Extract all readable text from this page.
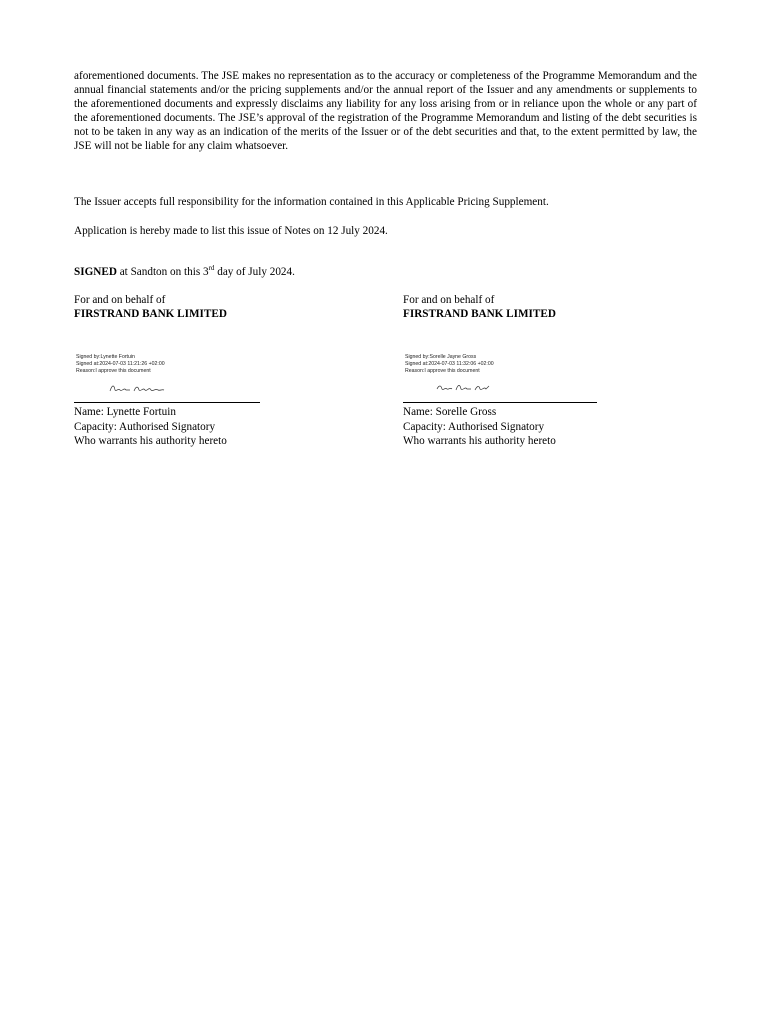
aforementioned documents. The JSE makes no representation as to the accuracy or completeness of the Programme Memorandum and the annual financial statements and/or the pricing supplements and/or the annual report of the Issuer and any amendments or supplements to the aforementioned documents and expressly disclaims any liability for any loss arising from or in reliance upon the whole or any part of the aforementioned documents. The JSE’s approval of the registration of the Programme Memorandum and listing of the debt securities is not to be taken in any way as an indication of the merits of the Issuer or of the debt securities and that, to the extent permitted by law, the JSE will not be liable for any claim whatsoever.
The Issuer accepts full responsibility for the information contained in this Applicable Pricing Supplement.
Application is hereby made to list this issue of Notes on 12 July 2024.
SIGNED at Sandton on this 3rd day of July 2024.
For and on behalf of
FIRSTRAND BANK LIMITED
Signed by:Lynette Fortuin
Signed at:2024-07-03 11:21:26 +02:00
Reason:I approve this document
Name: Lynette Fortuin
Capacity: Authorised Signatory
Who warrants his authority hereto
For and on behalf of
FIRSTRAND BANK LIMITED
Signed by:Sorelle Jayne Gross
Signed at:2024-07-03 11:32:06 +02:00
Reason:I approve this document
Name: Sorelle Gross
Capacity: Authorised Signatory
Who warrants his authority hereto
